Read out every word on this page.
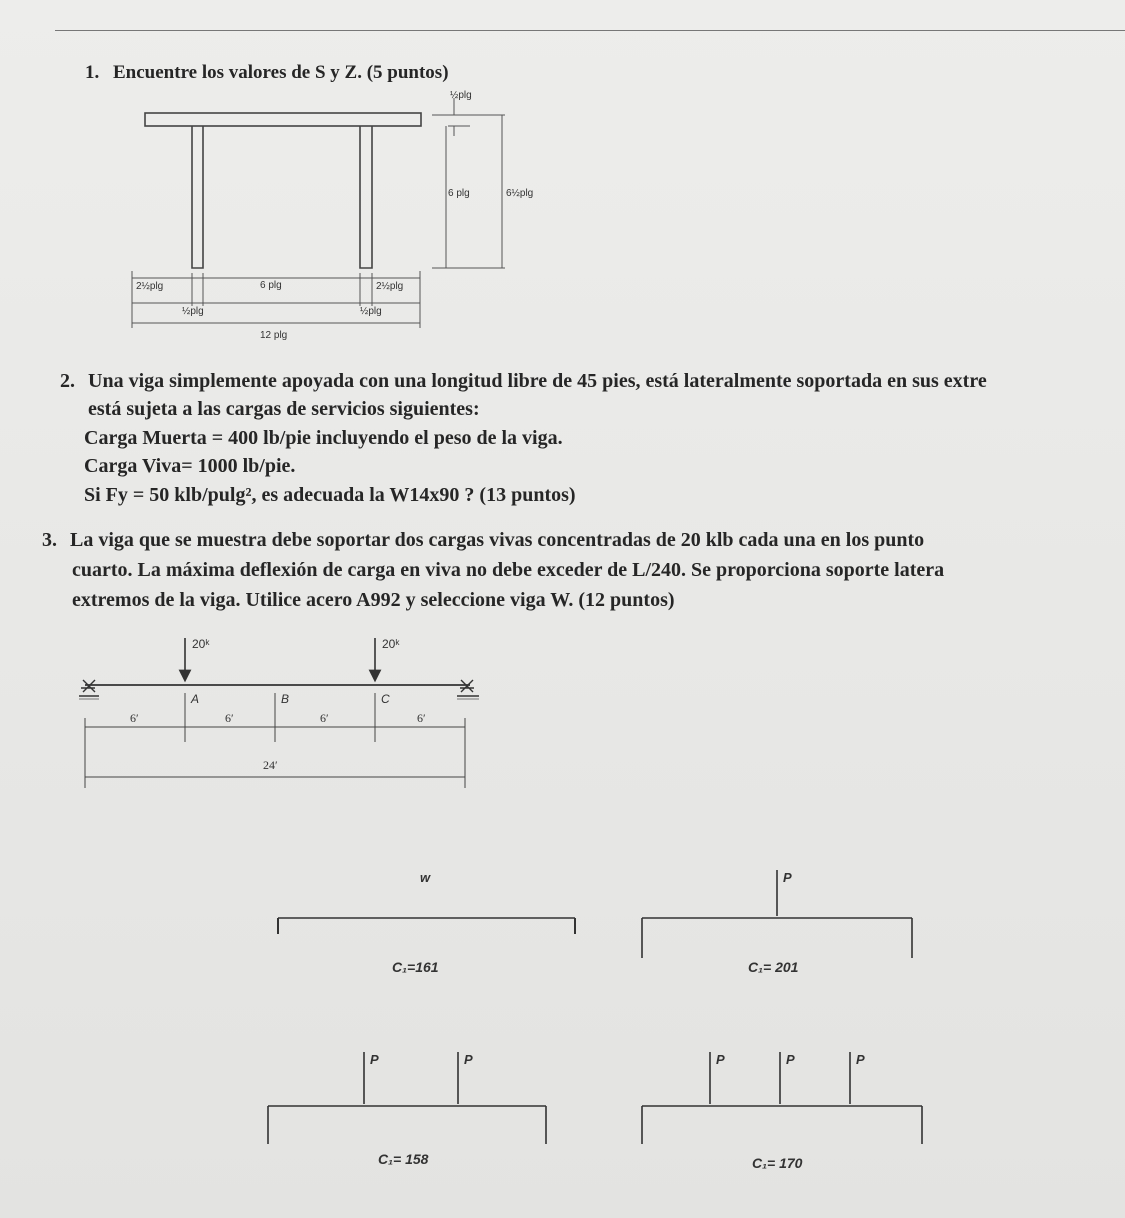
1. Encuentre los valores de S y Z. (5 puntos)
½plg
6 plg	6½plg
2½plg	6 plg	2½plg
½plg	½plg
12 plg
2. Una viga simplemente apoyada con una longitud libre de 45 pies, está lateralmente soportada en sus extre
está sujeta a las cargas de servicios siguientes:
Carga Muerta = 400 lb/pie incluyendo el peso de la viga.
Carga Viva= 1000 lb/pie.
Si Fy = 50 klb/pulg², es adecuada la W14x90 ? (13 puntos)
3. La viga que se muestra debe soportar dos cargas vivas concentradas de 20 klb cada una en los punto
cuarto. La máxima deflexión de carga en viva no debe exceder de L/240. Se proporciona soporte latera
extremos de la viga. Utilice acero A992 y seleccione viga W. (12 puntos)
20ᵏ	20ᵏ
A	B	C
6′	6′	6′	6′
24′
w
C₁=161
P
C₁= 201
P	P
C₁= 158
P	P	P
C₁= 170
